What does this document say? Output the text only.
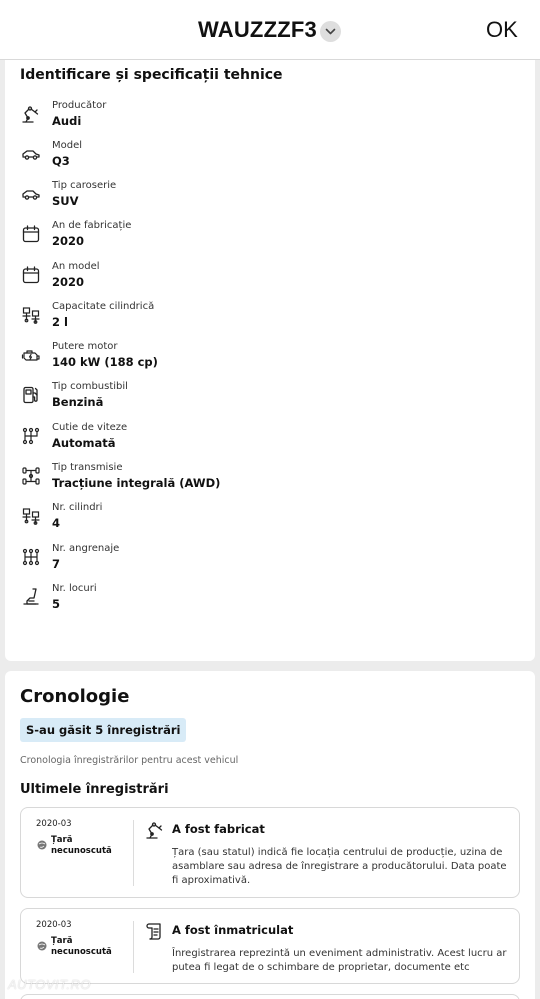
WAUZZZF3	OK
Identificare și specificații tehnice
Producător
Audi
Model
Q3
Tip caroserie
SUV
An de fabricație
2020
An model
2020
Capacitate cilindrică
2 l
Putere motor
140 kW (188 cp)
Tip combustibil
Benzină
Cutie de viteze
Automată
Tip transmisie
Tracțiune integrală (AWD)
Nr. cilindri
4
Nr. angrenaje
7
Nr. locuri
5
Cronologie
S-au găsit 5 înregistrări
Cronologia înregistrărilor pentru acest vehicul
Ultimele înregistrări
2020-03
Țară necunoscută
A fost fabricat
Țara (sau statul) indică fie locația centrului de producție, uzina de asamblare sau adresa de înregistrare a producătorului. Data poate fi aproximativă.
2020-03
Țară necunoscută
A fost înmatriculat
Înregistrarea reprezintă un eveniment administrativ. Acest lucru ar putea fi legat de o schimbare de proprietar, documente etc
AUTOVIT.RO
